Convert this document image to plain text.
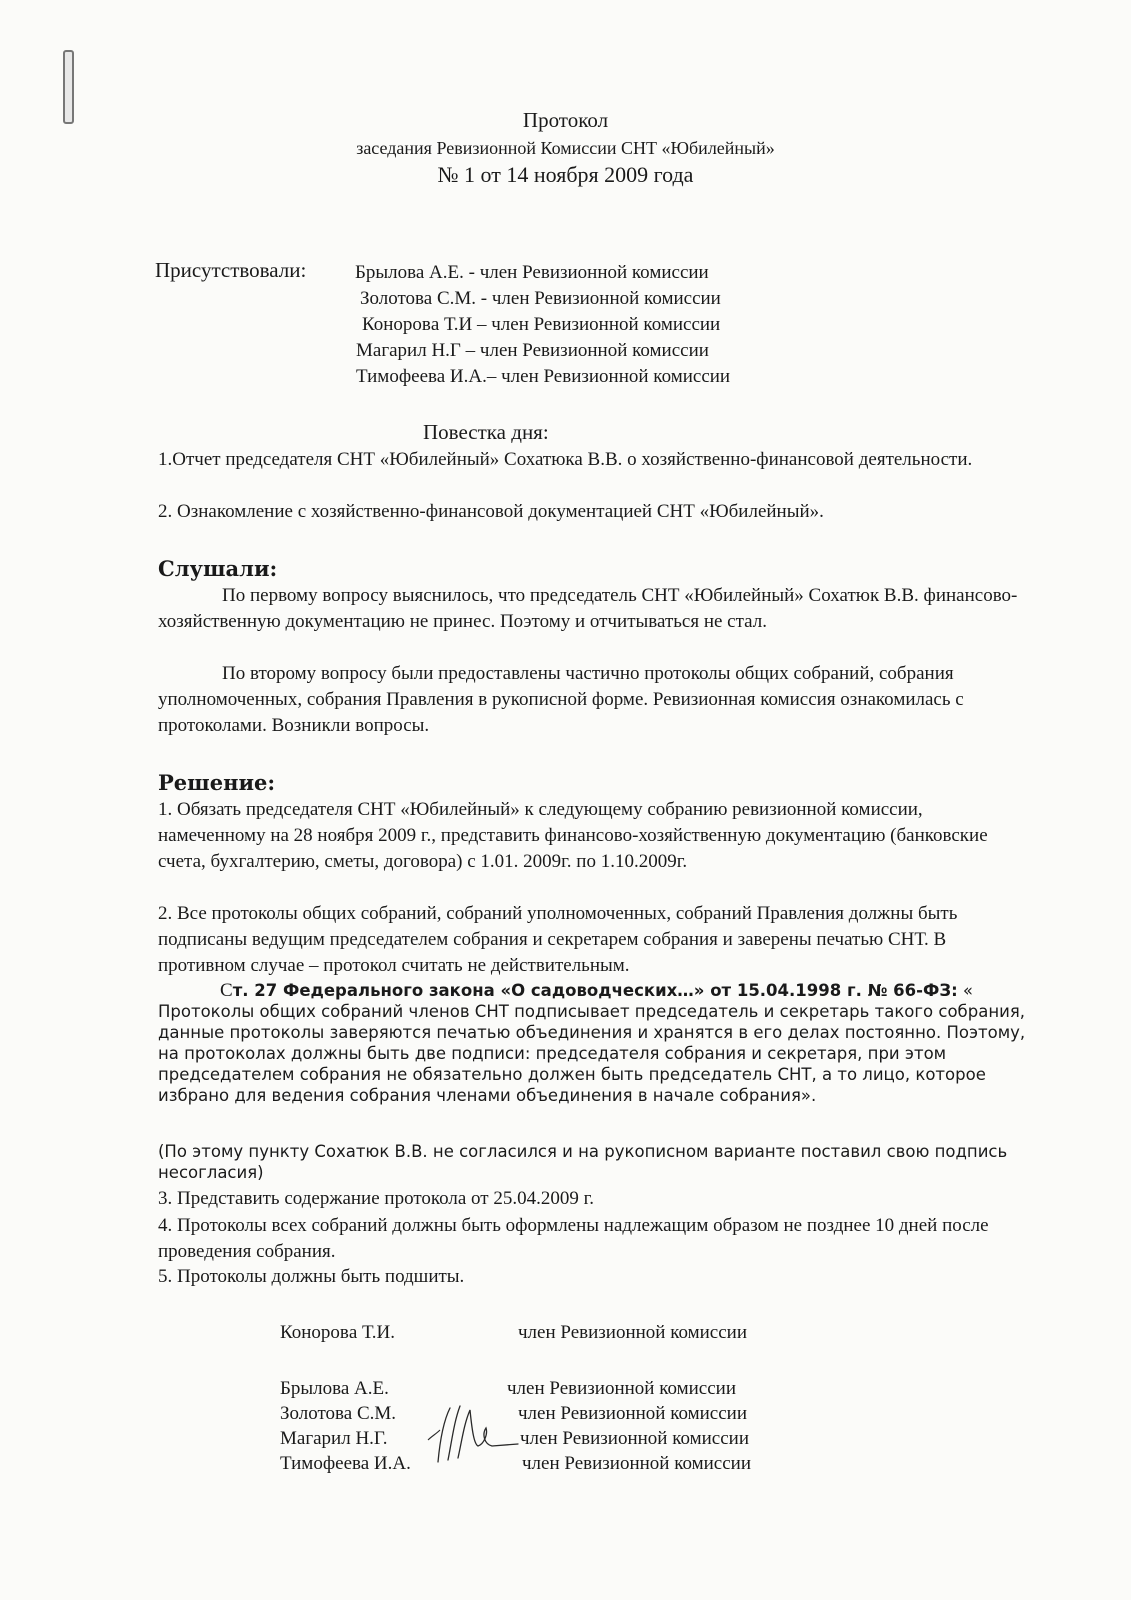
Протокол
заседания Ревизионной Комиссии СНТ «Юбилейный»
№ 1 от 14 ноября 2009 года
Присутствовали:	Брылова А.Е. - член Ревизионной комиссии
Золотова С.М. - член Ревизионной комиссии
Коноровa Т.И – член Ревизионной комиссии
Магарил Н.Г – член Ревизионной комиссии
Тимофеева И.А.– член Ревизионной комиссии
Повестка дня:
1.Отчет председателя СНТ «Юбилейный» Сохатюка В.В. о хозяйственно-финансовой деятельности.
2. Ознакомление с хозяйственно-финансовой документацией СНТ «Юбилейный».
Слушали:

По первому вопросу выяснилось, что председатель СНТ «Юбилейный» Сохатюк В.В. финансово-хозяйственную документацию не принес. Поэтому и отчитываться не стал.

По второму вопросу были предоставлены частично протоколы общих собраний, собрания уполномоченных, собрания Правления в рукописной форме. Ревизионная комиссия ознакомилась с протоколами. Возникли вопросы.

Решение:

1. Обязать председателя СНТ «Юбилейный» к следующему собранию ревизионной комиссии, намеченному на 28 ноября 2009 г., представить финансово-хозяйственную документацию (банковские счета, бухгалтерию, сметы, договора) с 1.01. 2009г. по 1.10.2009г.

2. Все протоколы общих собраний, собраний уполномоченных, собраний Правления должны быть подписаны ведущим председателем собрания и секретарем собрания и заверены печатью СНТ. В противном случае – протокол считать не действительным.

Ст. 27 Федерального закона «О садоводческих…» от 15.04.1998 г. № 66-ФЗ: « Протоколы общих собраний членов СНТ подписывает председатель и секретарь такого собрания, данные протоколы заверяются печатью объединения и хранятся в его делах постоянно. Поэтому, на протоколах должны быть две подписи: председателя собрания и секретаря, при этом председателем собрания не обязательно должен быть председатель СНТ, а то лицо, которое избрано для ведения собрания членами объединения в начале собрания».

(По этому пункту Сохатюк В.В. не согласился и на рукописном варианте поставил свою подпись несогласия)

3. Представить содержание протокола от 25.04.2009 г.

4. Протоколы всех собраний должны быть оформлены надлежащим образом не позднее 10 дней после проведения собрания.

5. Протоколы должны быть подшиты.

Коноровa Т.И.	член Ревизионной комиссии
Брылова А.Е.	член Ревизионной комиссии
Золотова С.М.	член Ревизионной комиссии
Магарил Н.Г.	член Ревизионной комиссии
Тимофеева И.А.	член Ревизионной комиссии
